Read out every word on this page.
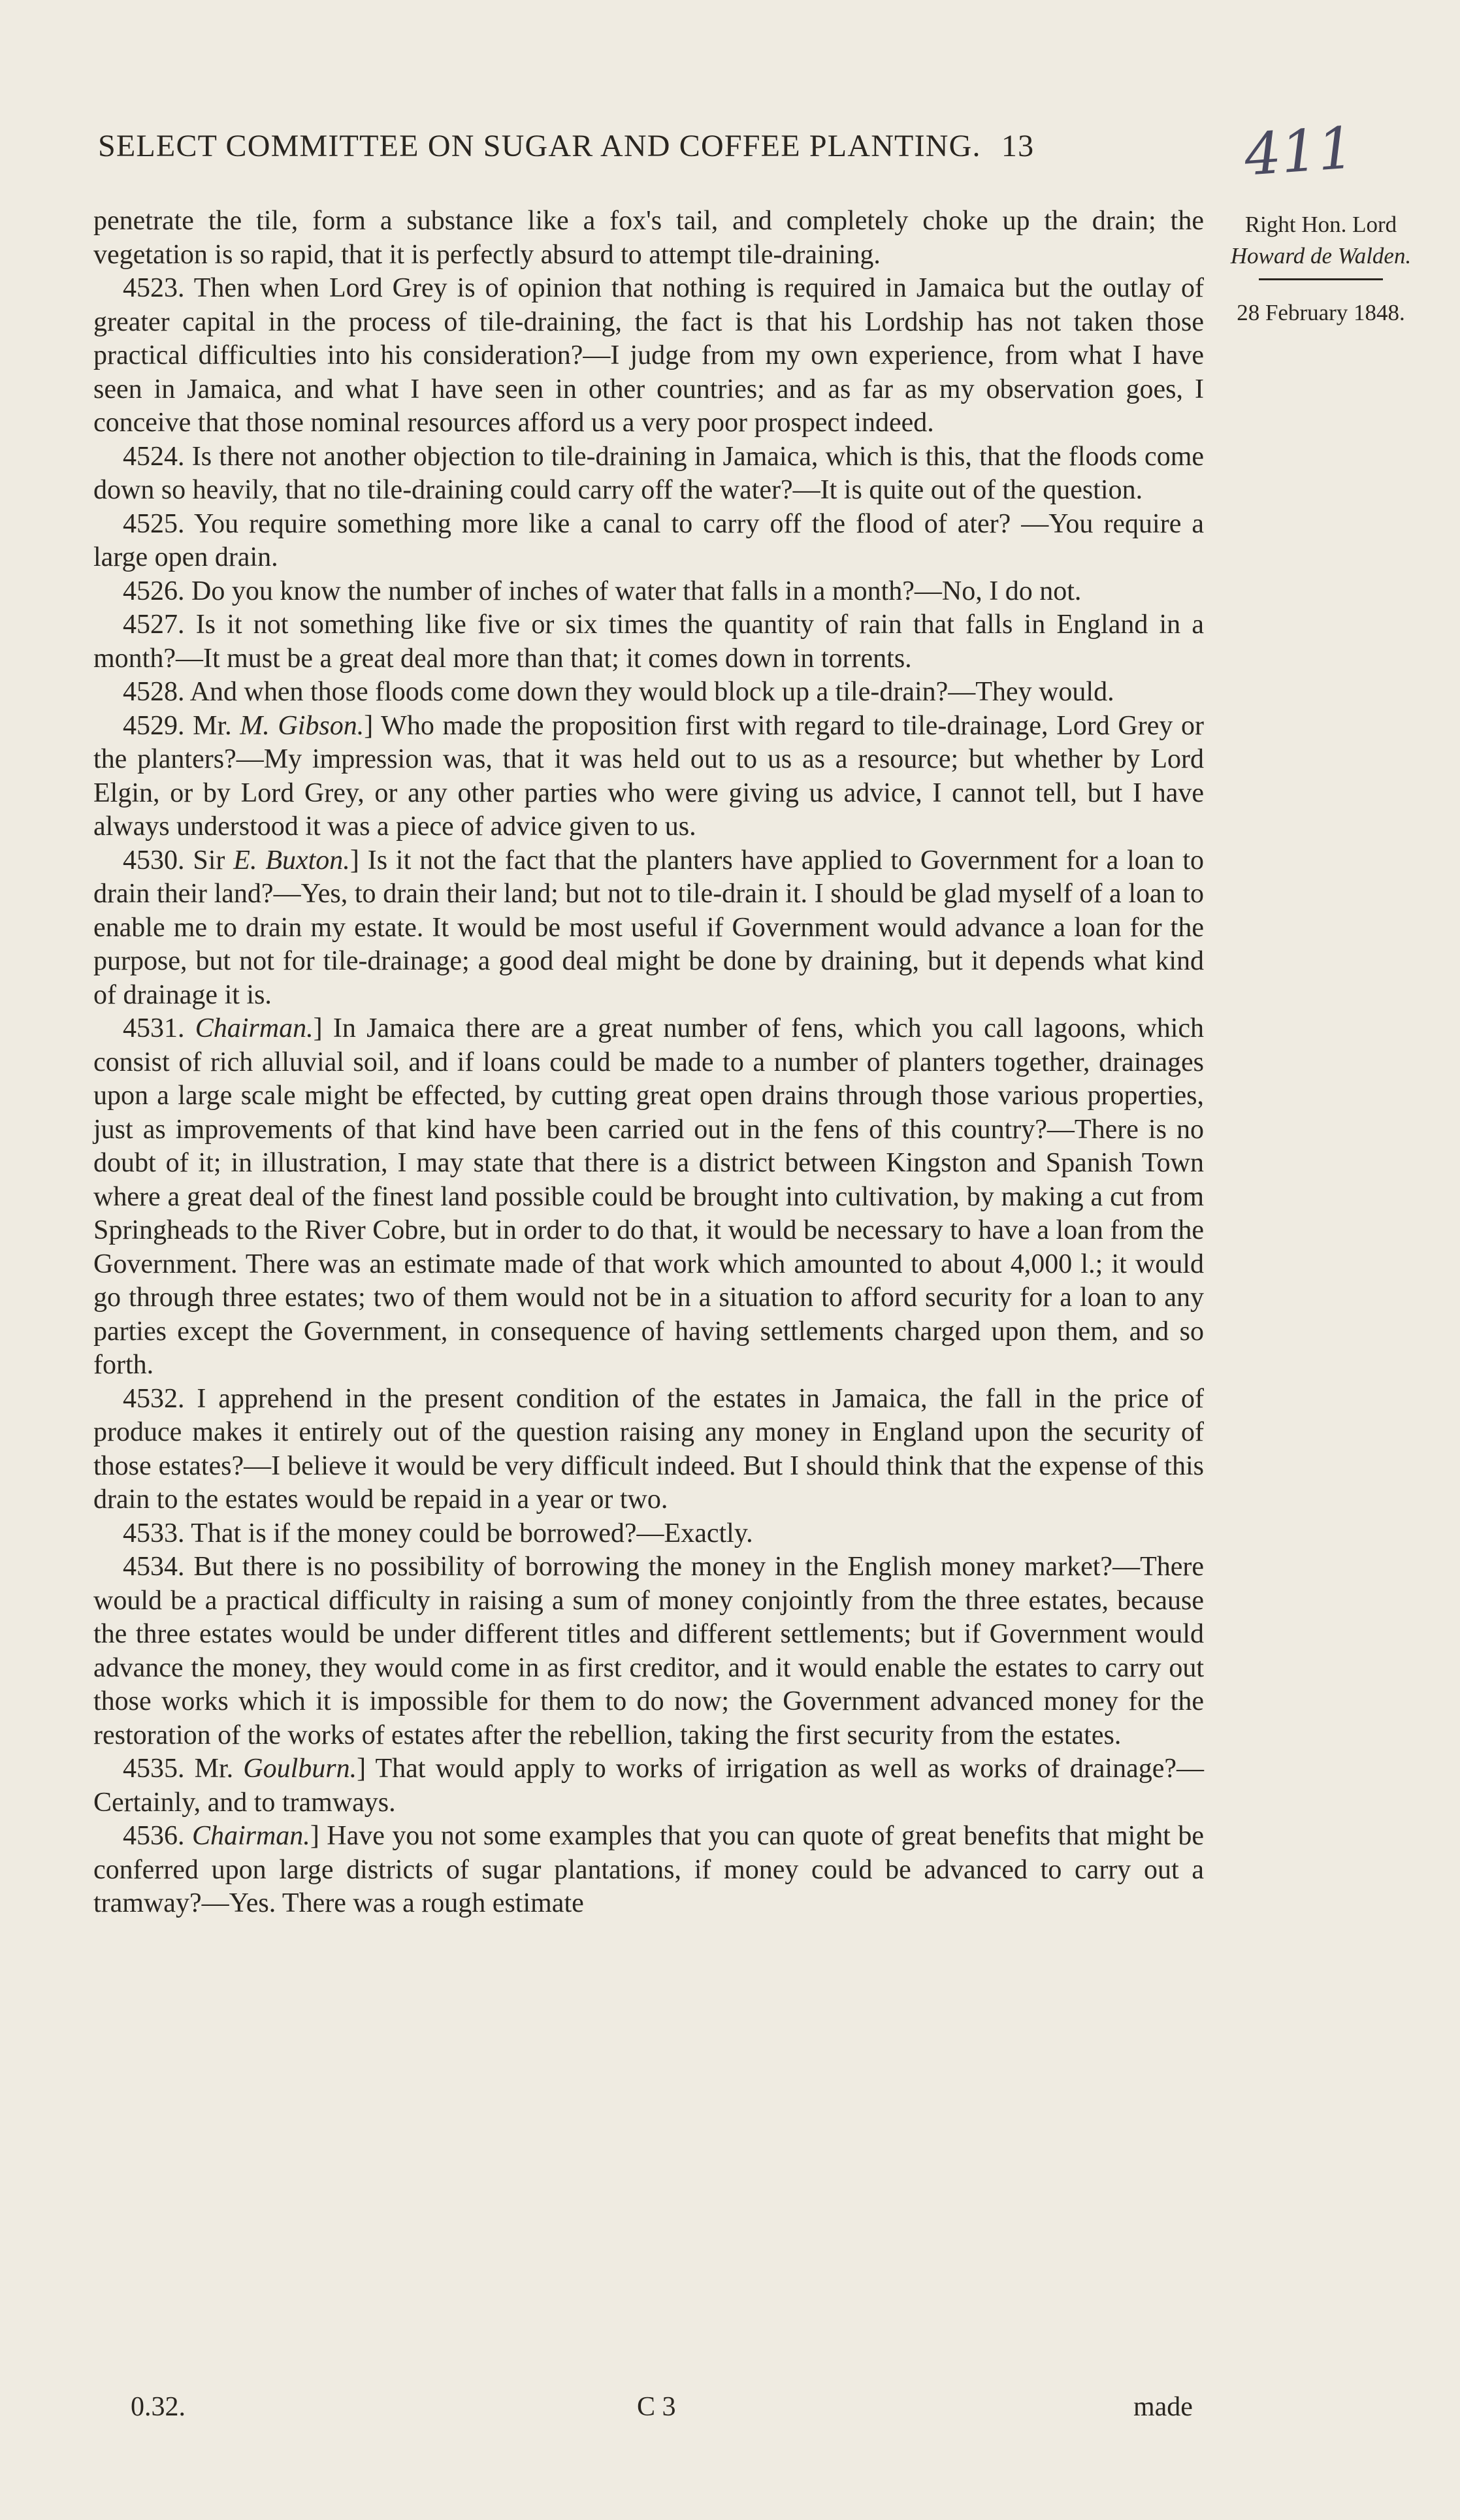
SELECT COMMITTEE ON SUGAR AND COFFEE PLANTING. 13	411
Right Hon. Lord
Howard de Walden.
28 February 1848.

penetrate the tile, form a substance like a fox's tail, and completely choke up the drain; the vegetation is so rapid, that it is perfectly absurd to attempt tile-draining.

4523. Then when Lord Grey is of opinion that nothing is required in Jamaica but the outlay of greater capital in the process of tile-draining, the fact is that his Lordship has not taken those practical difficulties into his consideration?—I judge from my own experience, from what I have seen in Jamaica, and what I have seen in other countries; and as far as my observation goes, I conceive that those nominal resources afford us a very poor prospect indeed.

4524. Is there not another objection to tile-draining in Jamaica, which is this, that the floods come down so heavily, that no tile-draining could carry off the water?—It is quite out of the question.

4525. You require something more like a canal to carry off the flood of ater? —You require a large open drain.

4526. Do you know the number of inches of water that falls in a month?—No, I do not.

4527. Is it not something like five or six times the quantity of rain that falls in England in a month?—It must be a great deal more than that; it comes down in torrents.

4528. And when those floods come down they would block up a tile-drain?—They would.

4529. Mr. M. Gibson.] Who made the proposition first with regard to tile-drainage, Lord Grey or the planters?—My impression was, that it was held out to us as a resource; but whether by Lord Elgin, or by Lord Grey, or any other parties who were giving us advice, I cannot tell, but I have always understood it was a piece of advice given to us.

4530. Sir E. Buxton.] Is it not the fact that the planters have applied to Government for a loan to drain their land?—Yes, to drain their land; but not to tile-drain it. I should be glad myself of a loan to enable me to drain my estate. It would be most useful if Government would advance a loan for the purpose, but not for tile-drainage; a good deal might be done by draining, but it depends what kind of drainage it is.

4531. Chairman.] In Jamaica there are a great number of fens, which you call lagoons, which consist of rich alluvial soil, and if loans could be made to a number of planters together, drainages upon a large scale might be effected, by cutting great open drains through those various properties, just as improvements of that kind have been carried out in the fens of this country?—There is no doubt of it; in illustration, I may state that there is a district between Kingston and Spanish Town where a great deal of the finest land possible could be brought into cultivation, by making a cut from Springheads to the River Cobre, but in order to do that, it would be necessary to have a loan from the Government. There was an estimate made of that work which amounted to about 4,000 l.; it would go through three estates; two of them would not be in a situation to afford security for a loan to any parties except the Government, in consequence of having settlements charged upon them, and so forth.

4532. I apprehend in the present condition of the estates in Jamaica, the fall in the price of produce makes it entirely out of the question raising any money in England upon the security of those estates?—I believe it would be very difficult indeed. But I should think that the expense of this drain to the estates would be repaid in a year or two.

4533. That is if the money could be borrowed?—Exactly.

4534. But there is no possibility of borrowing the money in the English money market?—There would be a practical difficulty in raising a sum of money conjointly from the three estates, because the three estates would be under different titles and different settlements; but if Government would advance the money, they would come in as first creditor, and it would enable the estates to carry out those works which it is impossible for them to do now; the Government advanced money for the restoration of the works of estates after the rebellion, taking the first security from the estates.

4535. Mr. Goulburn.] That would apply to works of irrigation as well as works of drainage?—Certainly, and to tramways.

4536. Chairman.] Have you not some examples that you can quote of great benefits that might be conferred upon large districts of sugar plantations, if money could be advanced to carry out a tramway?—Yes. There was a rough estimate

0.32.	C 3	made
